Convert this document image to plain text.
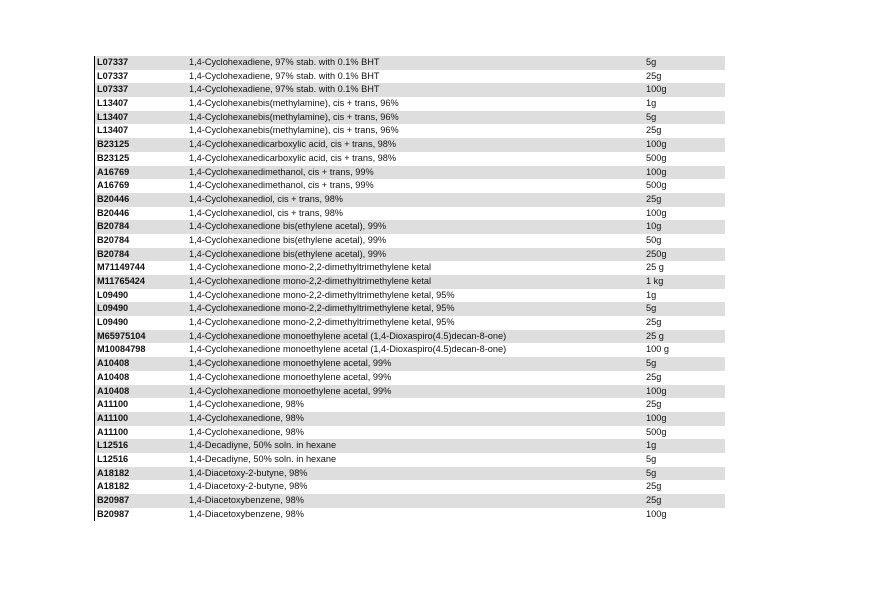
L07337	1,4-Cyclohexadiene, 97% stab. with 0.1% BHT	5g
L07337	1,4-Cyclohexadiene, 97% stab. with 0.1% BHT	25g
L07337	1,4-Cyclohexadiene, 97% stab. with 0.1% BHT	100g
L13407	1,4-Cyclohexanebis(methylamine), cis + trans, 96%	1g
L13407	1,4-Cyclohexanebis(methylamine), cis + trans, 96%	5g
L13407	1,4-Cyclohexanebis(methylamine), cis + trans, 96%	25g
B23125	1,4-Cyclohexanedicarboxylic acid, cis + trans, 98%	100g
B23125	1,4-Cyclohexanedicarboxylic acid, cis + trans, 98%	500g
A16769	1,4-Cyclohexanedimethanol, cis + trans, 99%	100g
A16769	1,4-Cyclohexanedimethanol, cis + trans, 99%	500g
B20446	1,4-Cyclohexanediol, cis + trans, 98%	25g
B20446	1,4-Cyclohexanediol, cis + trans, 98%	100g
B20784	1,4-Cyclohexanedione bis(ethylene acetal), 99%	10g
B20784	1,4-Cyclohexanedione bis(ethylene acetal), 99%	50g
B20784	1,4-Cyclohexanedione bis(ethylene acetal), 99%	250g
M71149744	1,4-Cyclohexanedione mono-2,2-dimethyltrimethylene ketal	25 g
M11765424	1,4-Cyclohexanedione mono-2,2-dimethyltrimethylene ketal	1 kg
L09490	1,4-Cyclohexanedione mono-2,2-dimethyltrimethylene ketal, 95%	1g
L09490	1,4-Cyclohexanedione mono-2,2-dimethyltrimethylene ketal, 95%	5g
L09490	1,4-Cyclohexanedione mono-2,2-dimethyltrimethylene ketal, 95%	25g
M65975104	1,4-Cyclohexanedione monoethylene acetal (1,4-Dioxaspiro(4.5)decan-8-one)	25 g
M10084798	1,4-Cyclohexanedione monoethylene acetal (1,4-Dioxaspiro(4.5)decan-8-one)	100 g
A10408	1,4-Cyclohexanedione monoethylene acetal, 99%	5g
A10408	1,4-Cyclohexanedione monoethylene acetal, 99%	25g
A10408	1,4-Cyclohexanedione monoethylene acetal, 99%	100g
A11100	1,4-Cyclohexanedione, 98%	25g
A11100	1,4-Cyclohexanedione, 98%	100g
A11100	1,4-Cyclohexanedione, 98%	500g
L12516	1,4-Decadiyne, 50% soln. in hexane	1g
L12516	1,4-Decadiyne, 50% soln. in hexane	5g
A18182	1,4-Diacetoxy-2-butyne, 98%	5g
A18182	1,4-Diacetoxy-2-butyne, 98%	25g
B20987	1,4-Diacetoxybenzene, 98%	25g
B20987	1,4-Diacetoxybenzene, 98%	100g
